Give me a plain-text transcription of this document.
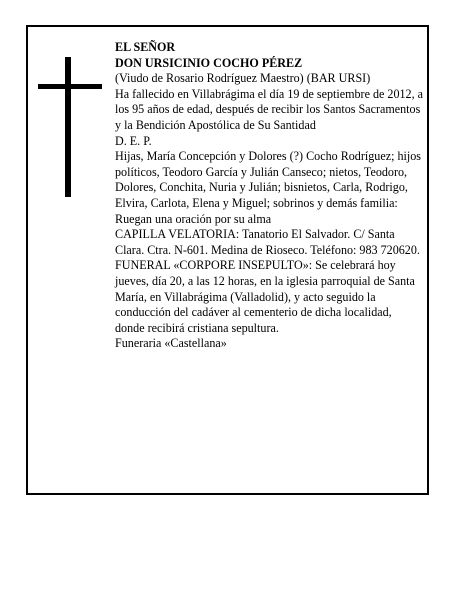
EL SEÑOR

DON URSICINIO COCHO PÉREZ

(Viudo de Rosario Rodríguez Maestro) (BAR URSI)

Ha fallecido en Villabrágima el día 19 de septiembre de 2012, a los 95 años de edad, después de recibir los Santos Sacramentos y la Bendición Apostólica de Su Santidad

D. E. P.

Hijas, María Concepción y Dolores (?) Cocho Rodríguez; hijos políticos, Teodoro García y Julián Canseco; nietos, Teodoro, Dolores, Conchita, Nuria y Julián; bisnietos, Carla, Rodrigo, Elvira, Carlota, Elena y Miguel; sobrinos y demás familia:

Ruegan una oración por su alma

CAPILLA VELATORIA: Tanatorio El Salvador. C/ Santa Clara. Ctra. N-601. Medina de Rioseco. Teléfono: 983 720620.

FUNERAL «CORPORE INSEPULTO»: Se celebrará hoy jueves, día 20, a las 12 horas, en la iglesia parroquial de Santa María, en Villabrágima (Valladolid), y acto seguido la conducción del cadáver al cementerio de dicha localidad, donde recibirá cristiana sepultura.

Funeraria «Castellana»
